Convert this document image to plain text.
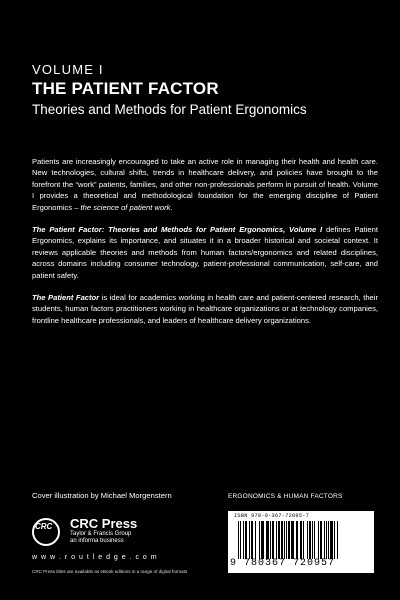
VOLUME I
THE PATIENT FACTOR
Theories and Methods for Patient Ergonomics

Patients are increasingly encouraged to take an active role in managing their health and health care. New technologies, cultural shifts, trends in healthcare delivery, and policies have brought to the forefront the “work” patients, families, and other non-professionals perform in pursuit of health. Volume I provides a theoretical and methodological foundation for the emerging discipline of Patient Ergonomics – the science of patient work.

The Patient Factor: Theories and Methods for Patient Ergonomics, Volume I defines Patient Ergonomics, explains its importance, and situates it in a broader historical and societal context. It reviews applicable theories and methods from human factors/ergonomics and related disciplines, across domains including consumer technology, patient-professional communication, self-care, and patient safety.

The Patient Factor is ideal for academics working in health care and patient-centered research, their students, human factors practitioners working in healthcare organizations or at technology companies, frontline healthcare professionals, and leaders of healthcare delivery organizations.

Cover illustration by Michael Morgenstern
CRC CRC Press
Taylor & Francis Group
an informa business
w w w . r o u t l e d g e . c o m
CRC Press titles are available as eBook editions in a range of digital formats
ERGONOMICS & HUMAN FACTORS
ISBN 978-0-367-72095-7
9 780367 720957
